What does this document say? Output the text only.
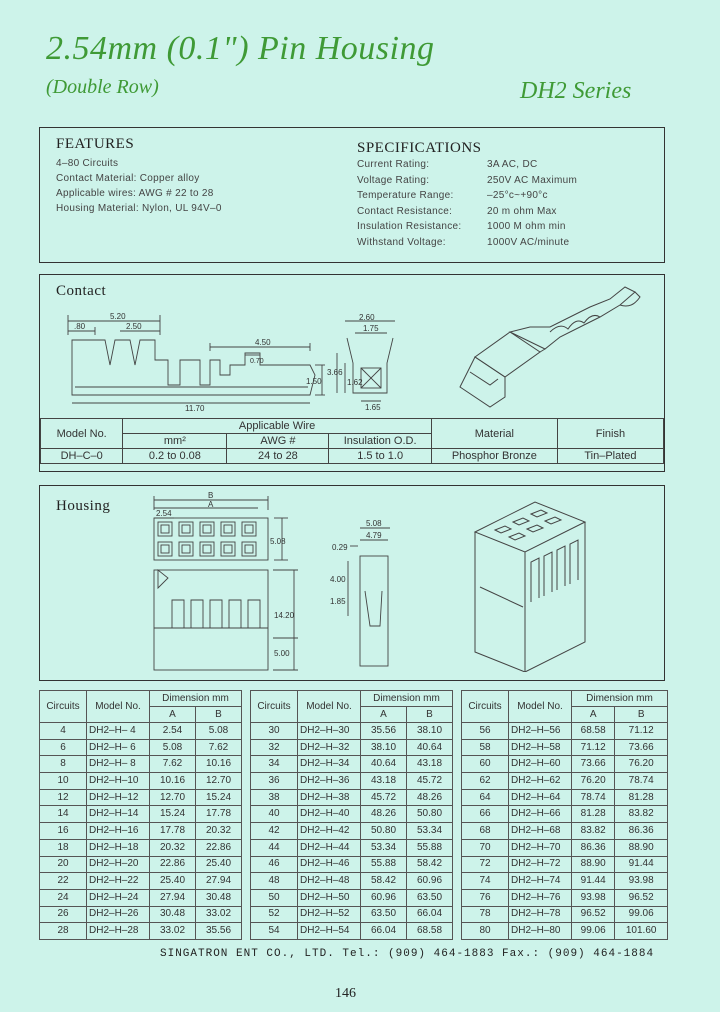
2.54mm (0.1") Pin Housing
(Double Row)	DH2 Series
FEATURES
4–80 Circuits
Contact Material: Copper alloy
Applicable wires: AWG # 22 to 28
Housing Material: Nylon, UL 94V–0
SPECIFICATIONS
Current Rating:	3A AC, DC
Voltage Rating:	250V AC Maximum
Temperature Range:	–25°c~+90°c
Contact Resistance:	20 m ohm Max
Insulation Resistance:	1000 M ohm min
Withstand Voltage:	1000V AC/minute
Contact
5.20
.80	2.50
4.50
0.70
11.70
1.50
2.60
1.75
3.66
1.62
1.65
Model No.	Applicable Wire			Material	Finish
	mm²	AWG #	Insulation O.D.		
DH–C–0	0.2 to 0.08	24 to 28	1.5 to 1.0	Phosphor Bronze	Tin–Plated
Housing
B
A
2.54
5.08
14.20
5.00
5.08
4.79
0.29
4.00
1.85
Circuits	Model No.	Dimension mm	
		A	B
4	DH2–H– 4	2.54	5.08
6	DH2–H– 6	5.08	7.62
8	DH2–H– 8	7.62	10.16
10	DH2–H–10	10.16	12.70
12	DH2–H–12	12.70	15.24
14	DH2–H–14	15.24	17.78
16	DH2–H–16	17.78	20.32
18	DH2–H–18	20.32	22.86
20	DH2–H–20	22.86	25.40
22	DH2–H–22	25.40	27.94
24	DH2–H–24	27.94	30.48
26	DH2–H–26	30.48	33.02
28	DH2–H–28	33.02	35.56
Circuits	Model No.	Dimension mm	
		A	B
30	DH2–H–30	35.56	38.10
32	DH2–H–32	38.10	40.64
34	DH2–H–34	40.64	43.18
36	DH2–H–36	43.18	45.72
38	DH2–H–38	45.72	48.26
40	DH2–H–40	48.26	50.80
42	DH2–H–42	50.80	53.34
44	DH2–H–44	53.34	55.88
46	DH2–H–46	55.88	58.42
48	DH2–H–48	58.42	60.96
50	DH2–H–50	60.96	63.50
52	DH2–H–52	63.50	66.04
54	DH2–H–54	66.04	68.58
Circuits	Model No.	Dimension mm	
		A	B
56	DH2–H–56	68.58	71.12
58	DH2–H–58	71.12	73.66
60	DH2–H–60	73.66	76.20
62	DH2–H–62	76.20	78.74
64	DH2–H–64	78.74	81.28
66	DH2–H–66	81.28	83.82
68	DH2–H–68	83.82	86.36
70	DH2–H–70	86.36	88.90
72	DH2–H–72	88.90	91.44
74	DH2–H–74	91.44	93.98
76	DH2–H–76	93.98	96.52
78	DH2–H–78	96.52	99.06
80	DH2–H–80	99.06	101.60
SINGATRON ENT CO., LTD. Tel.: (909) 464-1883 Fax.: (909) 464-1884
146
